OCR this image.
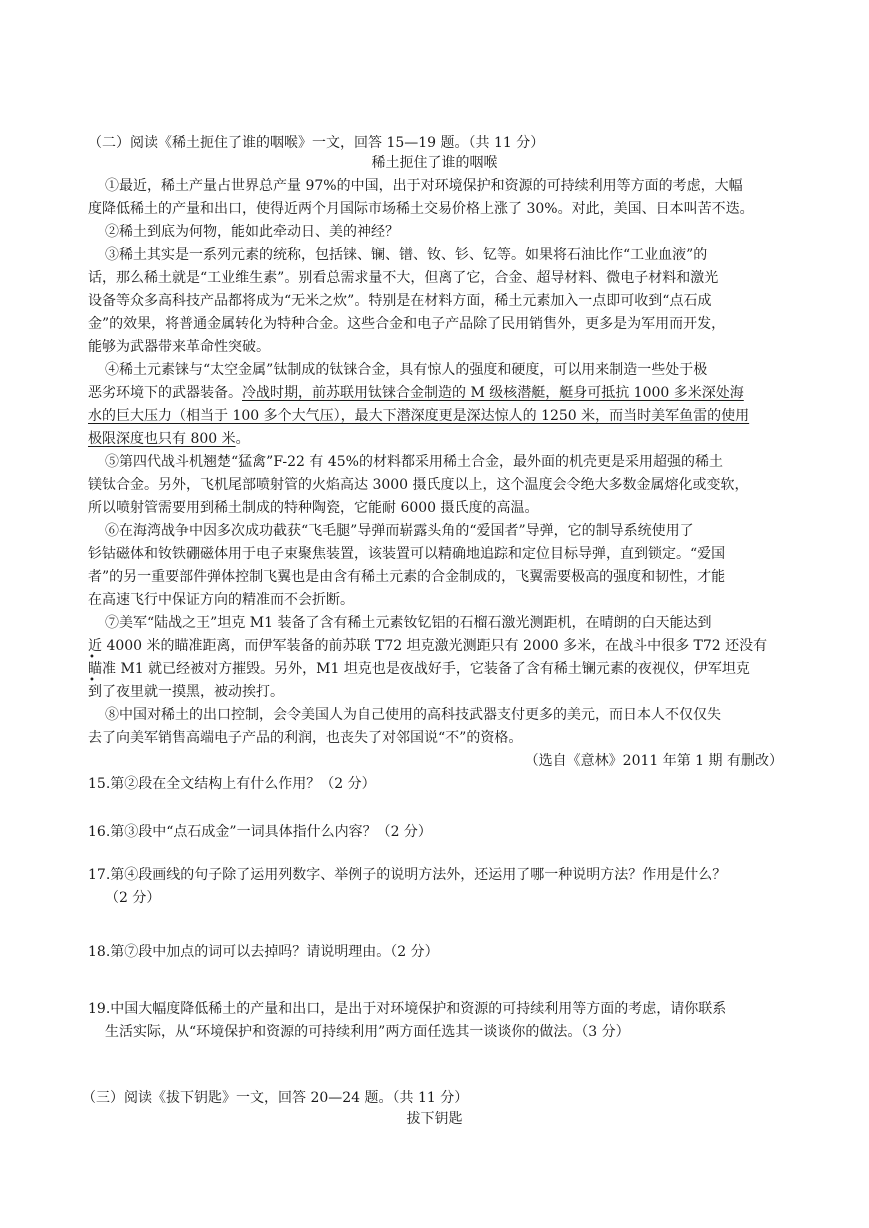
（二）阅读《稀土扼住了谁的咽喉》一文，回答 15—19 题。（共 11 分）
稀土扼住了谁的咽喉
①最近，稀土产量占世界总产量 97%的中国，出于对环境保护和资源的可持续利用等方面的考虑，大幅
度降低稀土的产量和出口，使得近两个月国际市场稀土交易价格上涨了 30%。对此，美国、日本叫苦不迭。
②稀土到底为何物，能如此牵动日、美的神经？
③稀土其实是一系列元素的统称，包括铼、镧、镨、钕、钐、钇等。如果将石油比作“工业血液”的
话，那么稀土就是“工业维生素”。别看总需求量不大，但离了它，合金、超导材料、微电子材料和激光
设备等众多高科技产品都将成为“无米之炊”。特别是在材料方面，稀土元素加入一点即可收到“点石成
金”的效果，将普通金属转化为特种合金。这些合金和电子产品除了民用销售外，更多是为军用而开发，
能够为武器带来革命性突破。
④稀土元素铼与“太空金属”钛制成的钛铼合金，具有惊人的强度和硬度，可以用来制造一些处于极
恶劣环境下的武器装备。冷战时期，前苏联用钛铼合金制造的 M 级核潜艇，艇身可抵抗 1000 多米深处海
水的巨大压力（相当于 100 多个大气压），最大下潜深度更是深达惊人的 1250 米，而当时美军鱼雷的使用
极限深度也只有 800 米。
⑤第四代战斗机翘楚“猛禽”F-22 有 45%的材料都采用稀土合金，最外面的机壳更是采用超强的稀土
镁钛合金。另外，飞机尾部喷射管的火焰高达 3000 摄氏度以上，这个温度会令绝大多数金属熔化或变软，
所以喷射管需要用到稀土制成的特种陶瓷，它能耐 6000 摄氏度的高温。
⑥在海湾战争中因多次成功截获“飞毛腿”导弹而崭露头角的“爱国者”导弹，它的制导系统使用了
钐钴磁体和钕铁硼磁体用于电子束聚焦装置，该装置可以精确地追踪和定位目标导弹，直到锁定。“爱国
者”的另一重要部件弹体控制飞翼也是由含有稀土元素的合金制成的，飞翼需要极高的强度和韧性，才能
在高速飞行中保证方向的精准而不会折断。
⑦美军“陆战之王”坦克 M1 装备了含有稀土元素钕钇铝的石榴石激光测距机，在晴朗的白天能达到
近 4000 米的瞄准距离，而伊军装备的前苏联 T72 坦克激光测距只有 2000 多米，在战斗中很多 T72 还没有
•
瞄准 M1 就已经被对方摧毁。另外，M1 坦克也是夜战好手，它装备了含有稀土镧元素的夜视仪，伊军坦克
•
到了夜里就一摸黑，被动挨打。
⑧中国对稀土的出口控制，会令美国人为自己使用的高科技武器支付更多的美元，而日本人不仅仅失
去了向美军销售高端电子产品的利润，也丧失了对邻国说“不”的资格。
（选自《意林》2011 年第 1 期 有删改）
15.第②段在全文结构上有什么作用？（2 分）
16.第③段中“点石成金”一词具体指什么内容？（2 分）
17.第④段画线的句子除了运用列数字、举例子的说明方法外，还运用了哪一种说明方法？作用是什么？
（2 分）
18.第⑦段中加点的词可以去掉吗？请说明理由。（2 分）
19.中国大幅度降低稀土的产量和出口，是出于对环境保护和资源的可持续利用等方面的考虑，请你联系
生活实际，从“环境保护和资源的可持续利用”两方面任选其一谈谈你的做法。（3 分）
（三）阅读《拔下钥匙》一文，回答 20—24 题。（共 11 分）
拔下钥匙
